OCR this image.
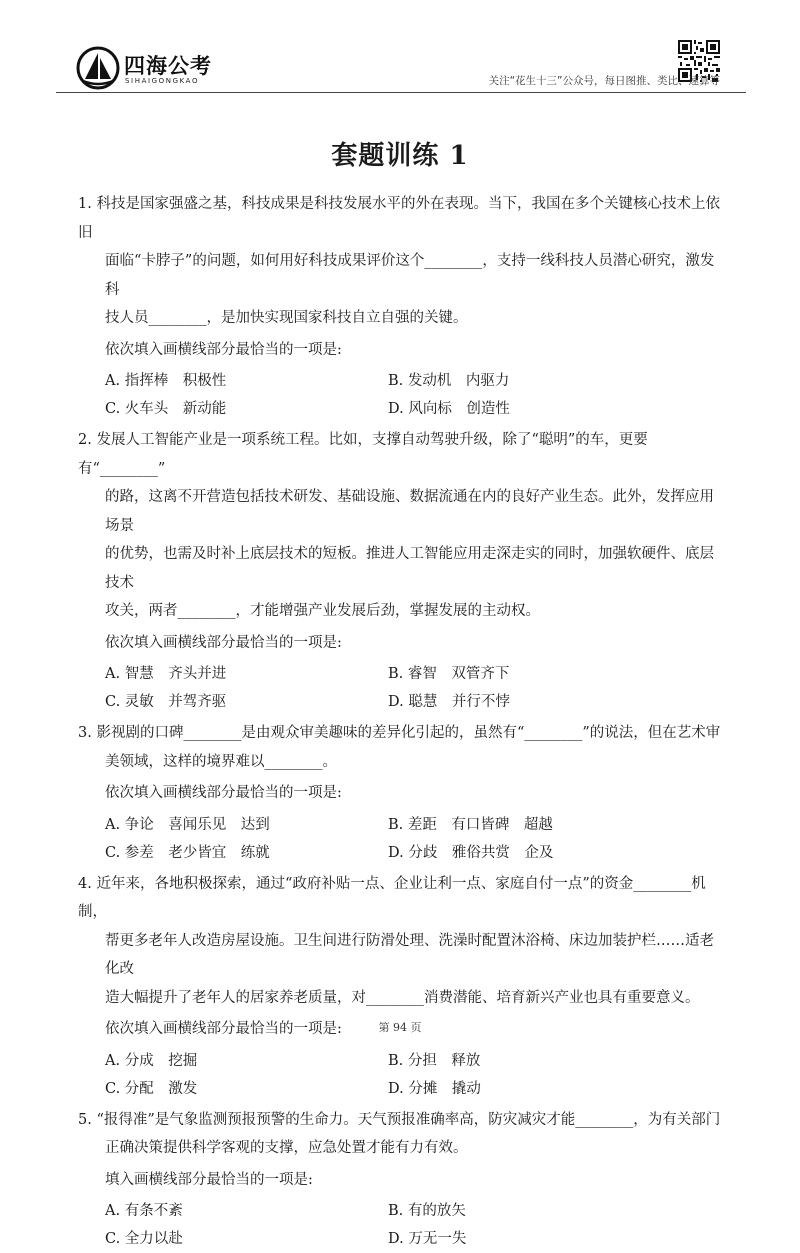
四海公考
SIHAIGONGKAO	关注“花生十三”公众号，每日图推、类比、速算等
套题训练 1
1. 科技是国家强盛之基，科技成果是科技发展水平的外在表现。当下，我国在多个关键核心技术上依旧
面临“卡脖子”的问题，如何用好科技成果评价这个________，支持一线科技人员潜心研究，激发科
技人员________，是加快实现国家科技自立自强的关键。
依次填入画横线部分最恰当的一项是:
A. 指挥棒　积极性	B. 发动机　内驱力
C. 火车头　新动能	D. 风向标　创造性
2. 发展人工智能产业是一项系统工程。比如，支撑自动驾驶升级，除了“聪明”的车，更要有“________”
的路，这离不开营造包括技术研发、基础设施、数据流通在内的良好产业生态。此外，发挥应用场景
的优势，也需及时补上底层技术的短板。推进人工智能应用走深走实的同时，加强软硬件、底层技术
攻关，两者________，才能增强产业发展后劲，掌握发展的主动权。
依次填入画横线部分最恰当的一项是:
A. 智慧　齐头并进	B. 睿智　双管齐下
C. 灵敏　并驾齐驱	D. 聪慧　并行不悖
3. 影视剧的口碑________是由观众审美趣味的差异化引起的，虽然有“________”的说法，但在艺术审
美领域，这样的境界难以________。
依次填入画横线部分最恰当的一项是:
A. 争论　喜闻乐见　达到	B. 差距　有口皆碑　超越
C. 参差　老少皆宜　练就	D. 分歧　雅俗共赏　企及
4. 近年来，各地积极探索，通过“政府补贴一点、企业让利一点、家庭自付一点”的资金________机制，
帮更多老年人改造房屋设施。卫生间进行防滑处理、洗澡时配置沐浴椅、床边加装护栏……适老化改
造大幅提升了老年人的居家养老质量，对________消费潜能、培育新兴产业也具有重要意义。
依次填入画横线部分最恰当的一项是:
A. 分成　挖掘	B. 分担　释放
C. 分配　激发	D. 分摊　撬动
5. “报得准”是气象监测预报预警的生命力。天气预报准确率高，防灾减灾才能________，为有关部门
正确决策提供科学客观的支撑，应急处置才能有力有效。
填入画横线部分最恰当的一项是:
A. 有条不紊	B. 有的放矢
C. 全力以赴	D. 万无一失
第 94 页
